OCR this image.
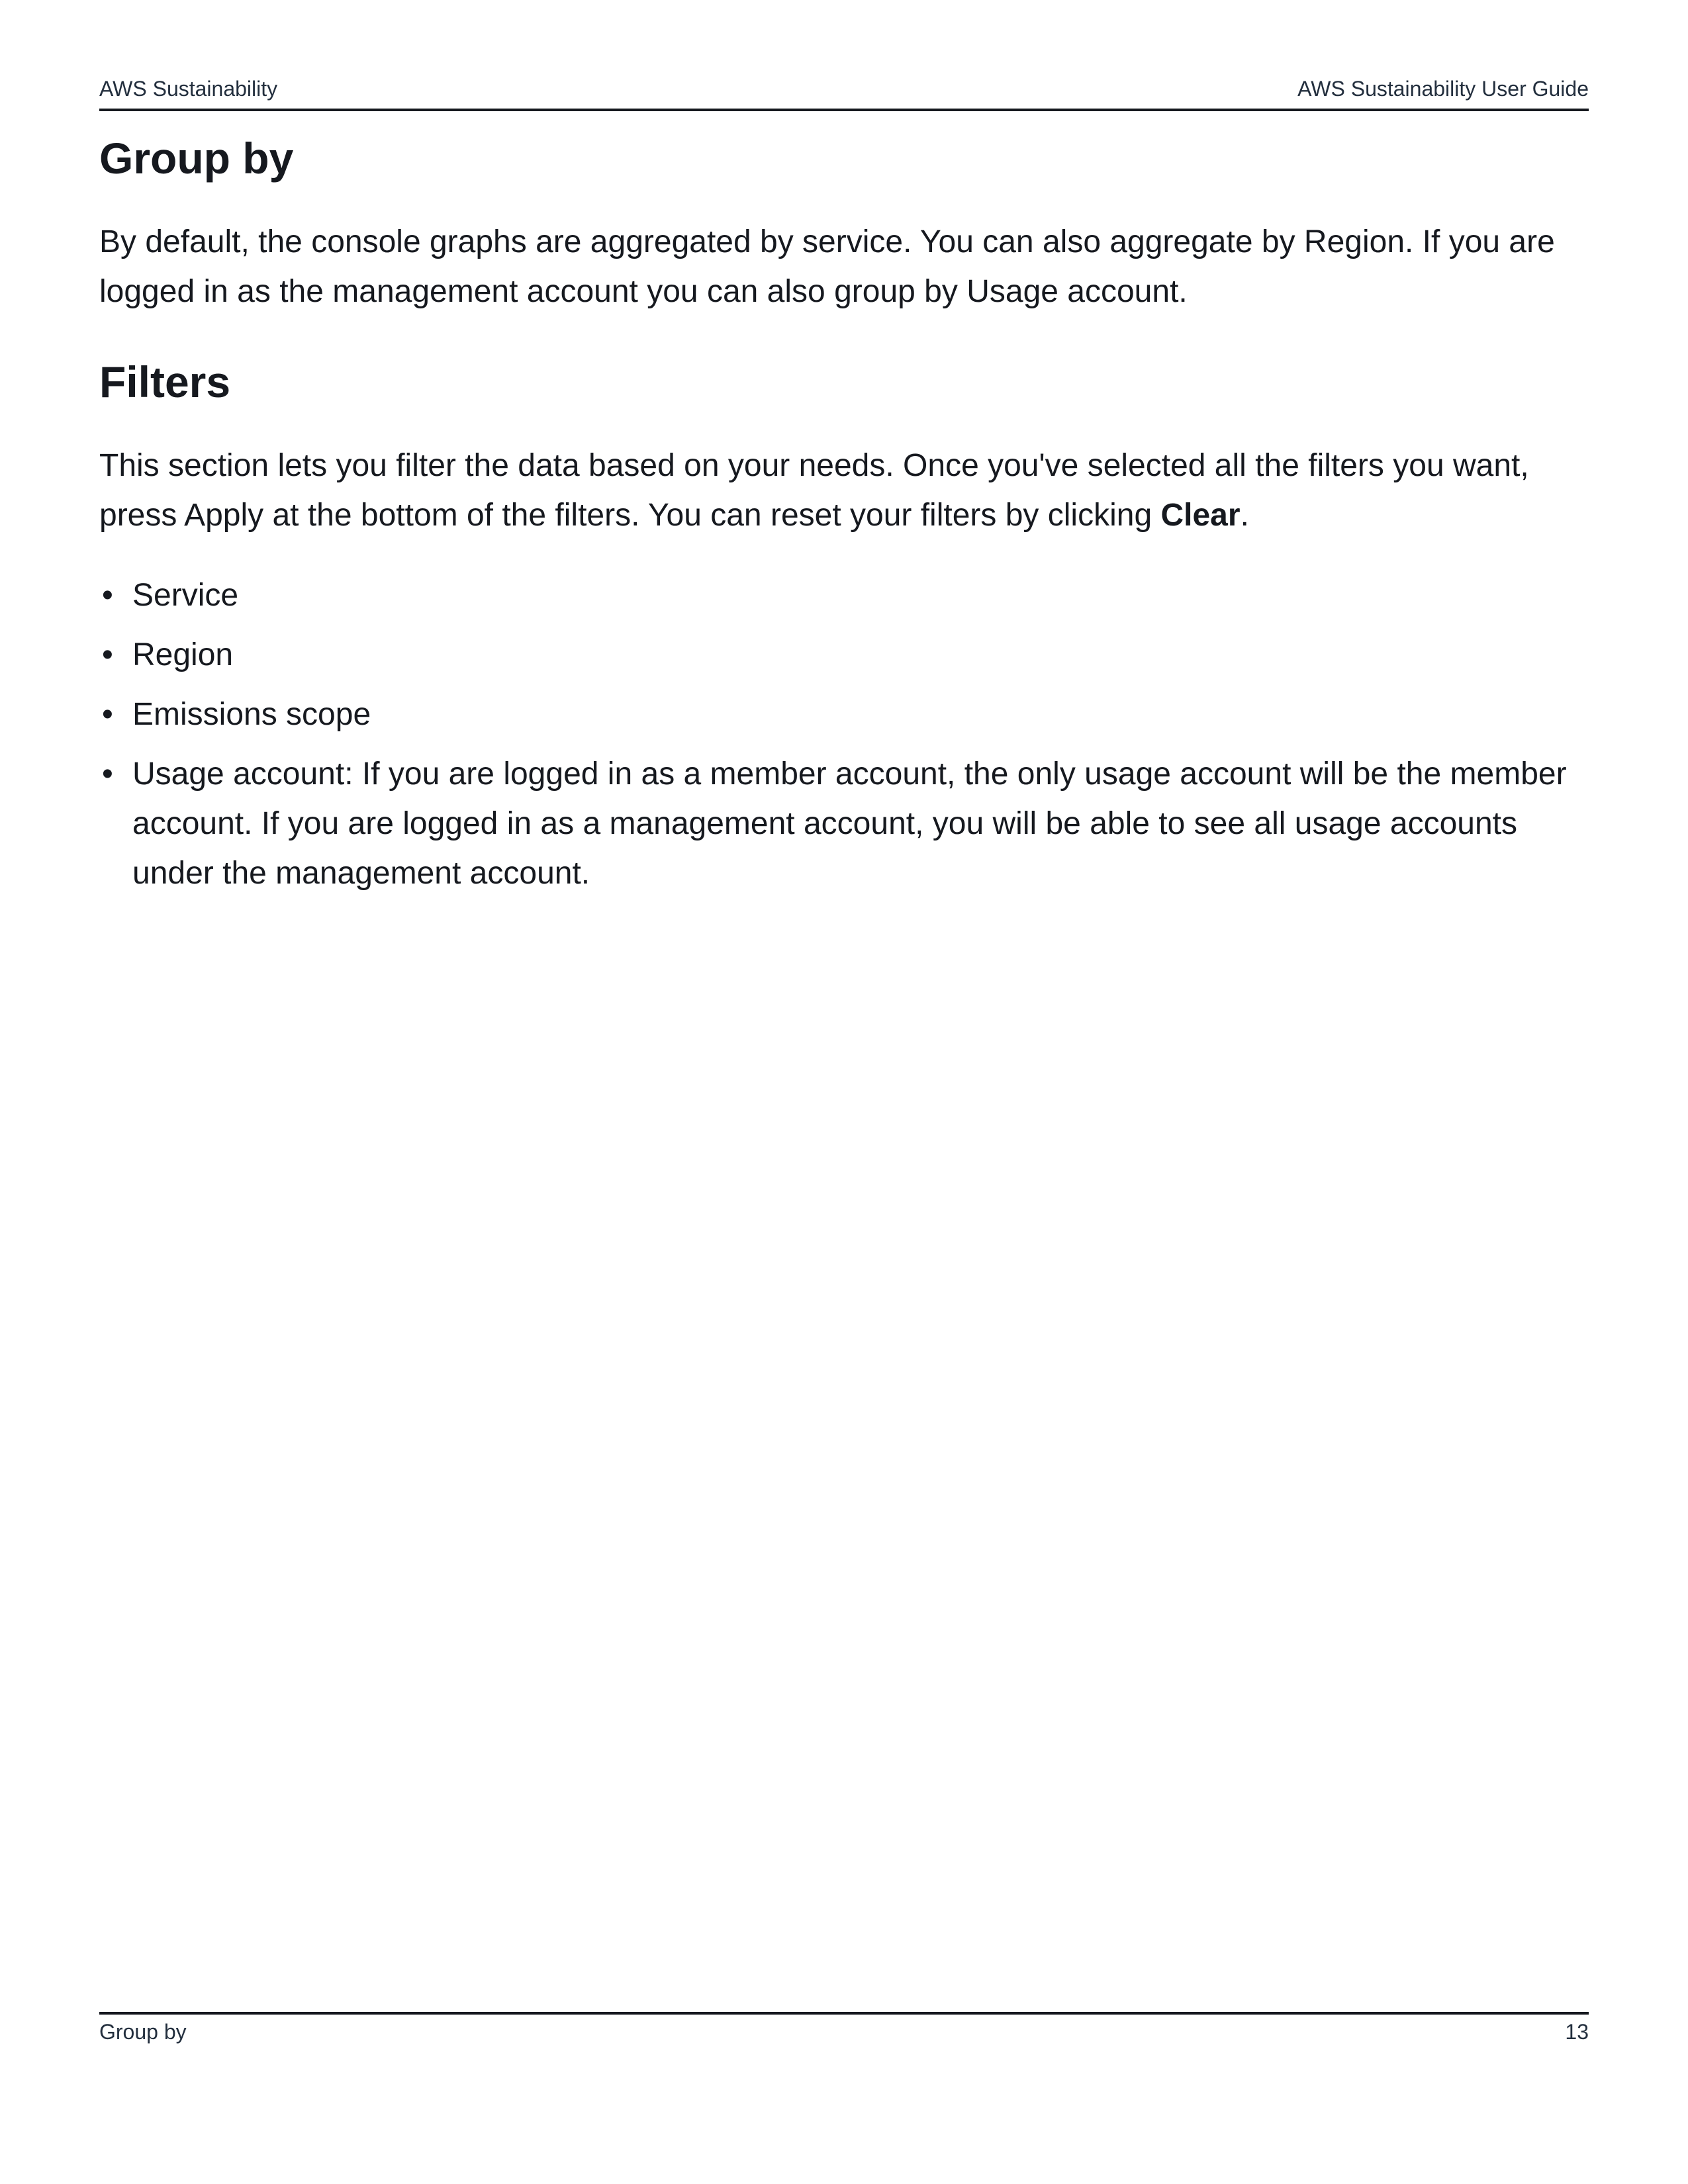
AWS Sustainability	AWS Sustainability User Guide
Group by

By default, the console graphs are aggregated by service. You can also aggregate by Region. If you are logged in as the management account you can also group by Usage account.

Filters

This section lets you filter the data based on your needs. Once you've selected all the filters you want, press Apply at the bottom of the filters. You can reset your filters by clicking Clear.

• Service
• Region
• Emissions scope
• Usage account: If you are logged in as a member account, the only usage account will be the member account. If you are logged in as a management account, you will be able to see all usage accounts under the management account.
Group by	13
